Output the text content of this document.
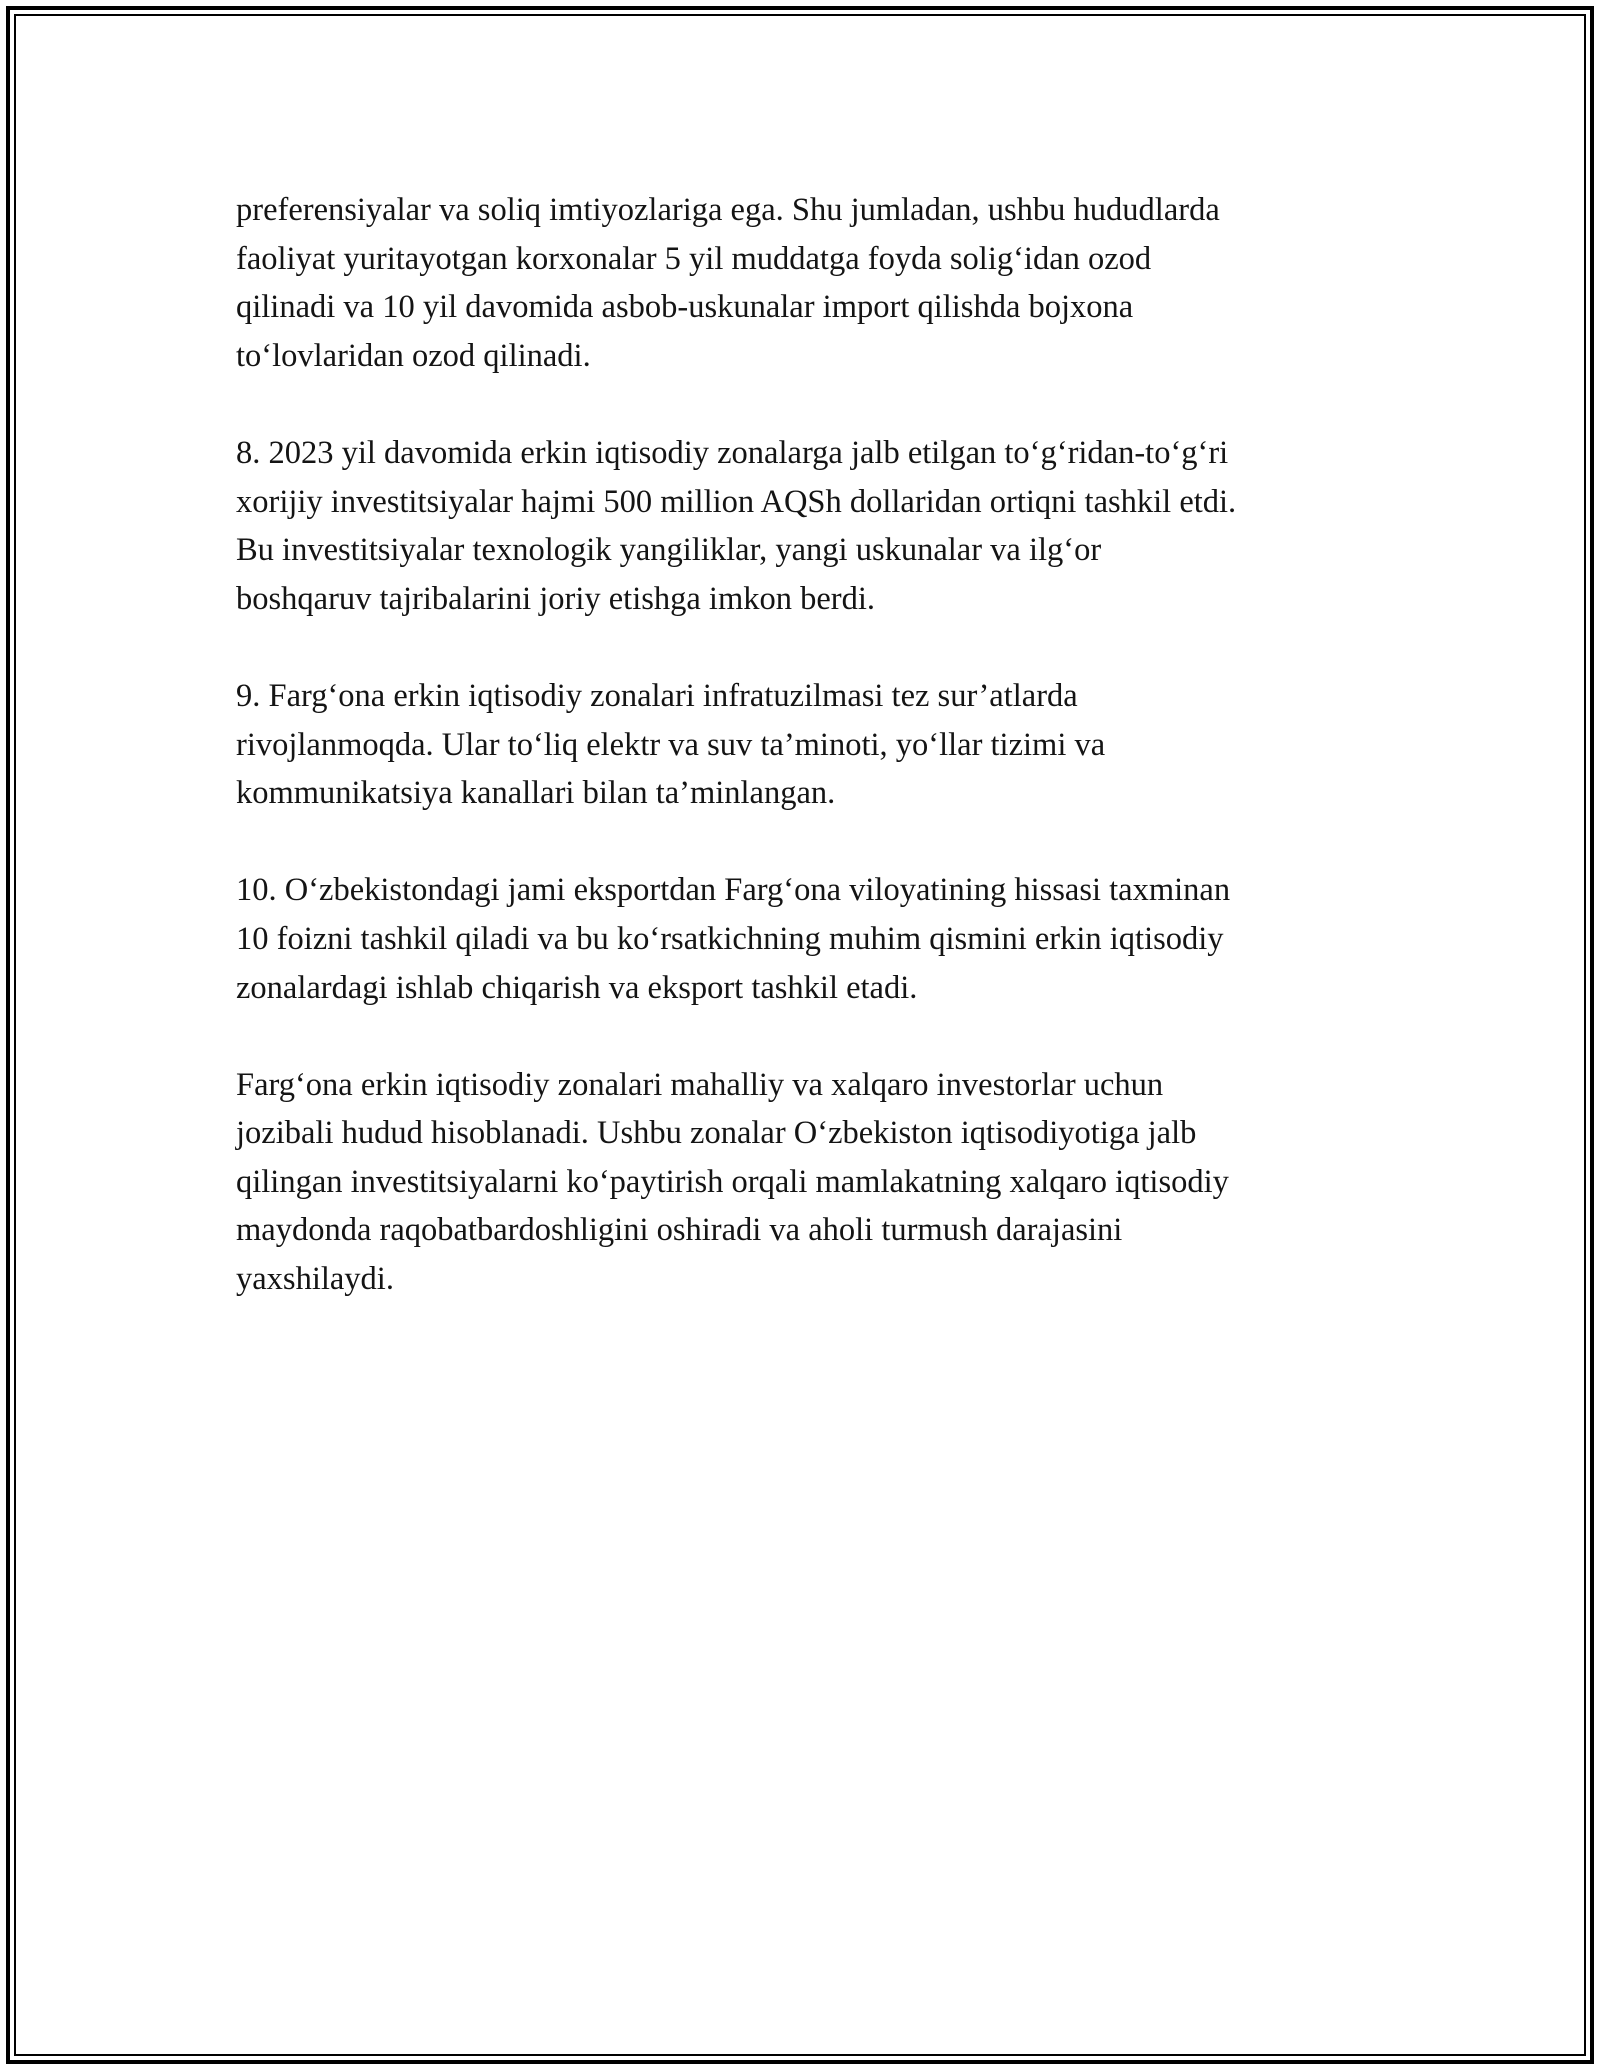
preferensiyalar va soliq imtiyozlariga ega. Shu jumladan, ushbu hududlarda
faoliyat yuritayotgan korxonalar 5 yil muddatga foyda solig‘idan ozod
qilinadi va 10 yil davomida asbob-uskunalar import qilishda bojxona
to‘lovlaridan ozod qilinadi.

8. 2023 yil davomida erkin iqtisodiy zonalarga jalb etilgan to‘g‘ridan-to‘g‘ri
xorijiy investitsiyalar hajmi 500 million AQSh dollaridan ortiqni tashkil etdi.
Bu investitsiyalar texnologik yangiliklar, yangi uskunalar va ilg‘or
boshqaruv tajribalarini joriy etishga imkon berdi.

9. Farg‘ona erkin iqtisodiy zonalari infratuzilmasi tez sur’atlarda
rivojlanmoqda. Ular to‘liq elektr va suv ta’minoti, yo‘llar tizimi va
kommunikatsiya kanallari bilan ta’minlangan.

10. O‘zbekistondagi jami eksportdan Farg‘ona viloyatining hissasi taxminan
10 foizni tashkil qiladi va bu ko‘rsatkichning muhim qismini erkin iqtisodiy
zonalardagi ishlab chiqarish va eksport tashkil etadi.

Farg‘ona erkin iqtisodiy zonalari mahalliy va xalqaro investorlar uchun
jozibali hudud hisoblanadi. Ushbu zonalar O‘zbekiston iqtisodiyotiga jalb
qilingan investitsiyalarni ko‘paytirish orqali mamlakatning xalqaro iqtisodiy
maydonda raqobatbardoshligini oshiradi va aholi turmush darajasini
yaxshilaydi.
